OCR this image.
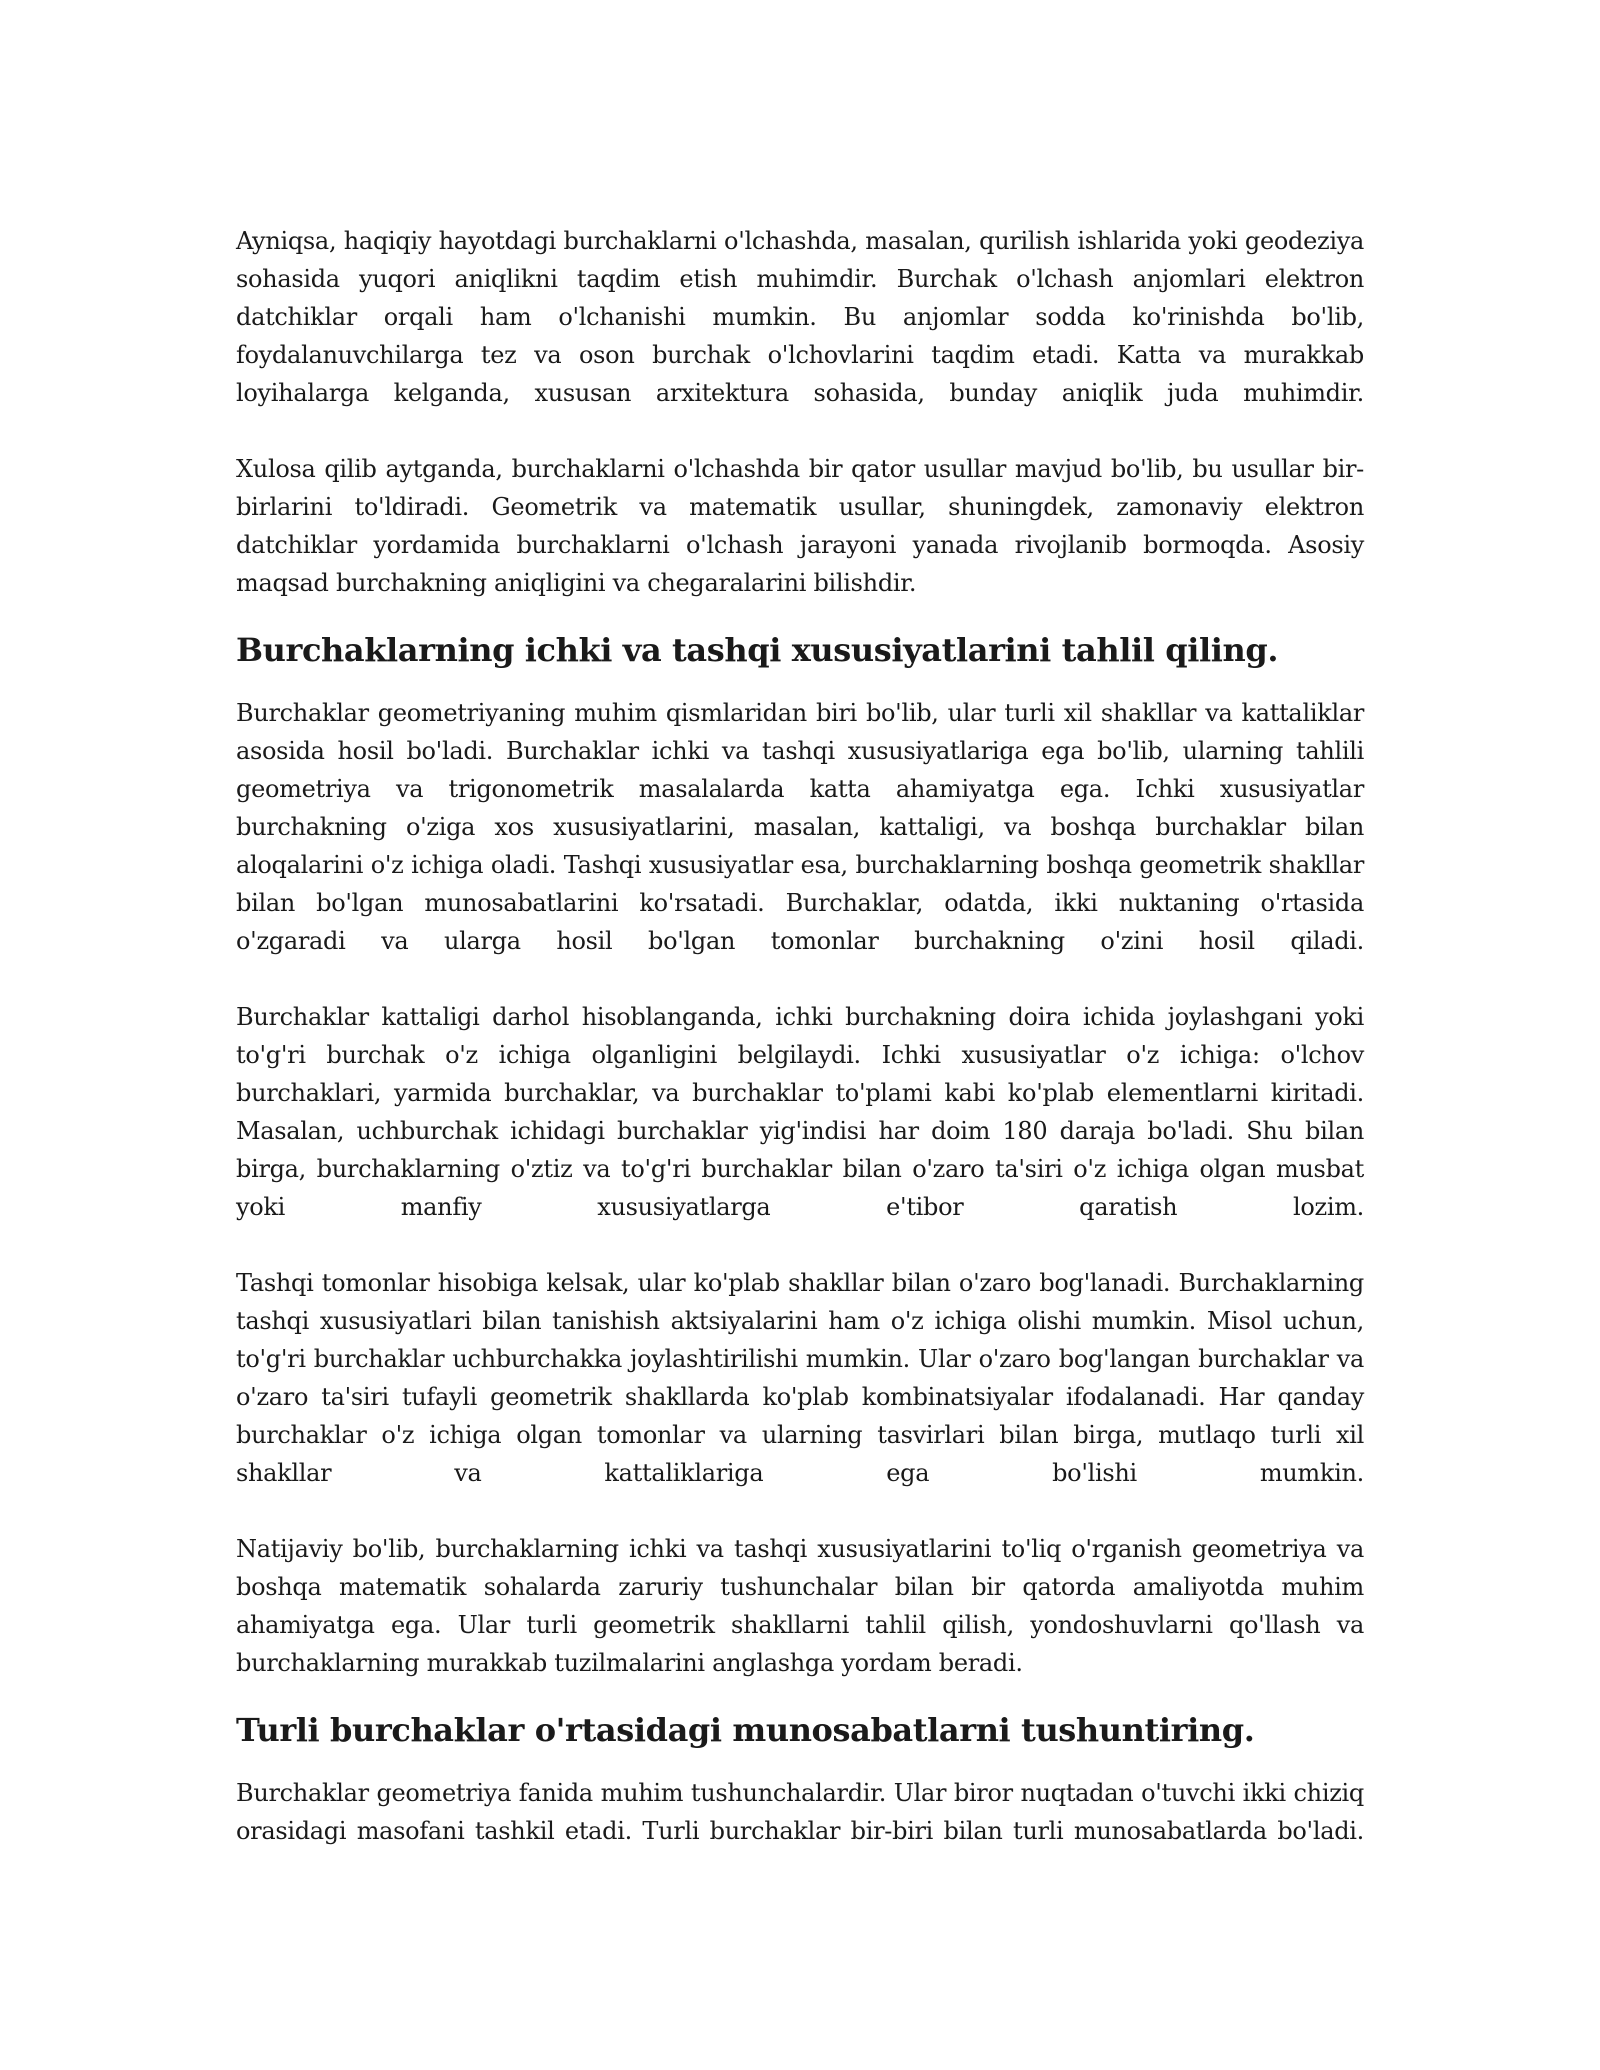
Ayniqsa, haqiqiy hayotdagi burchaklarni o'lchashda, masalan, qurilish ishlarida yoki geodeziya sohasida yuqori aniqlikni taqdim etish muhimdir. Burchak o'lchash anjomlari elektron datchiklar orqali ham o'lchanishi mumkin. Bu anjomlar sodda ko'rinishda bo'lib, foydalanuvchilarga tez va oson burchak o'lchovlarini taqdim etadi. Katta va murakkab loyihalarga kelganda, xususan arxitektura sohasida, bunday aniqlik juda muhimdir.

Xulosa qilib aytganda, burchaklarni o'lchashda bir qator usullar mavjud bo'lib, bu usullar bir-birlarini to'ldiradi. Geometrik va matematik usullar, shuningdek, zamonaviy elektron datchiklar yordamida burchaklarni o'lchash jarayoni yanada rivojlanib bormoqda. Asosiy maqsad burchakning aniqligini va chegaralarini bilishdir.

Burchaklarning ichki va tashqi xususiyatlarini tahlil qiling.

Burchaklar geometriyaning muhim qismlaridan biri bo'lib, ular turli xil shakllar va kattaliklar asosida hosil bo'ladi. Burchaklar ichki va tashqi xususiyatlariga ega bo'lib, ularning tahlili geometriya va trigonometrik masalalarda katta ahamiyatga ega. Ichki xususiyatlar burchakning o'ziga xos xususiyatlarini, masalan, kattaligi, va boshqa burchaklar bilan aloqalarini o'z ichiga oladi. Tashqi xususiyatlar esa, burchaklarning boshqa geometrik shakllar bilan bo'lgan munosabatlarini ko'rsatadi. Burchaklar, odatda, ikki nuktaning o'rtasida o'zgaradi va ularga hosil bo'lgan tomonlar burchakning o'zini hosil qiladi.

Burchaklar kattaligi darhol hisoblanganda, ichki burchakning doira ichida joylashgani yoki to'g'ri burchak o'z ichiga olganligini belgilaydi. Ichki xususiyatlar o'z ichiga: o'lchov burchaklari, yarmida burchaklar, va burchaklar to'plami kabi ko'plab elementlarni kiritadi. Masalan, uchburchak ichidagi burchaklar yig'indisi har doim 180 daraja bo'ladi. Shu bilan birga, burchaklarning o'ztiz va to'g'ri burchaklar bilan o'zaro ta'siri o'z ichiga olgan musbat yoki manfiy xususiyatlarga e'tibor qaratish lozim.

Tashqi tomonlar hisobiga kelsak, ular ko'plab shakllar bilan o'zaro bog'lanadi. Burchaklarning tashqi xususiyatlari bilan tanishish aktsiyalarini ham o'z ichiga olishi mumkin. Misol uchun, to'g'ri burchaklar uchburchakka joylashtirilishi mumkin. Ular o'zaro bog'langan burchaklar va o'zaro ta'siri tufayli geometrik shakllarda ko'plab kombinatsiyalar ifodalanadi. Har qanday burchaklar o'z ichiga olgan tomonlar va ularning tasvirlari bilan birga, mutlaqo turli xil shakllar va kattaliklariga ega bo'lishi mumkin.

Natijaviy bo'lib, burchaklarning ichki va tashqi xususiyatlarini to'liq o'rganish geometriya va boshqa matematik sohalarda zaruriy tushunchalar bilan bir qatorda amaliyotda muhim ahamiyatga ega. Ular turli geometrik shakllarni tahlil qilish, yondoshuvlarni qo'llash va burchaklarning murakkab tuzilmalarini anglashga yordam beradi.

Turli burchaklar o'rtasidagi munosabatlarni tushuntiring.

Burchaklar geometriya fanida muhim tushunchalardir. Ular biror nuqtadan o'tuvchi ikki chiziq orasidagi masofani tashkil etadi. Turli burchaklar bir-biri bilan turli munosabatlarda bo'ladi.
